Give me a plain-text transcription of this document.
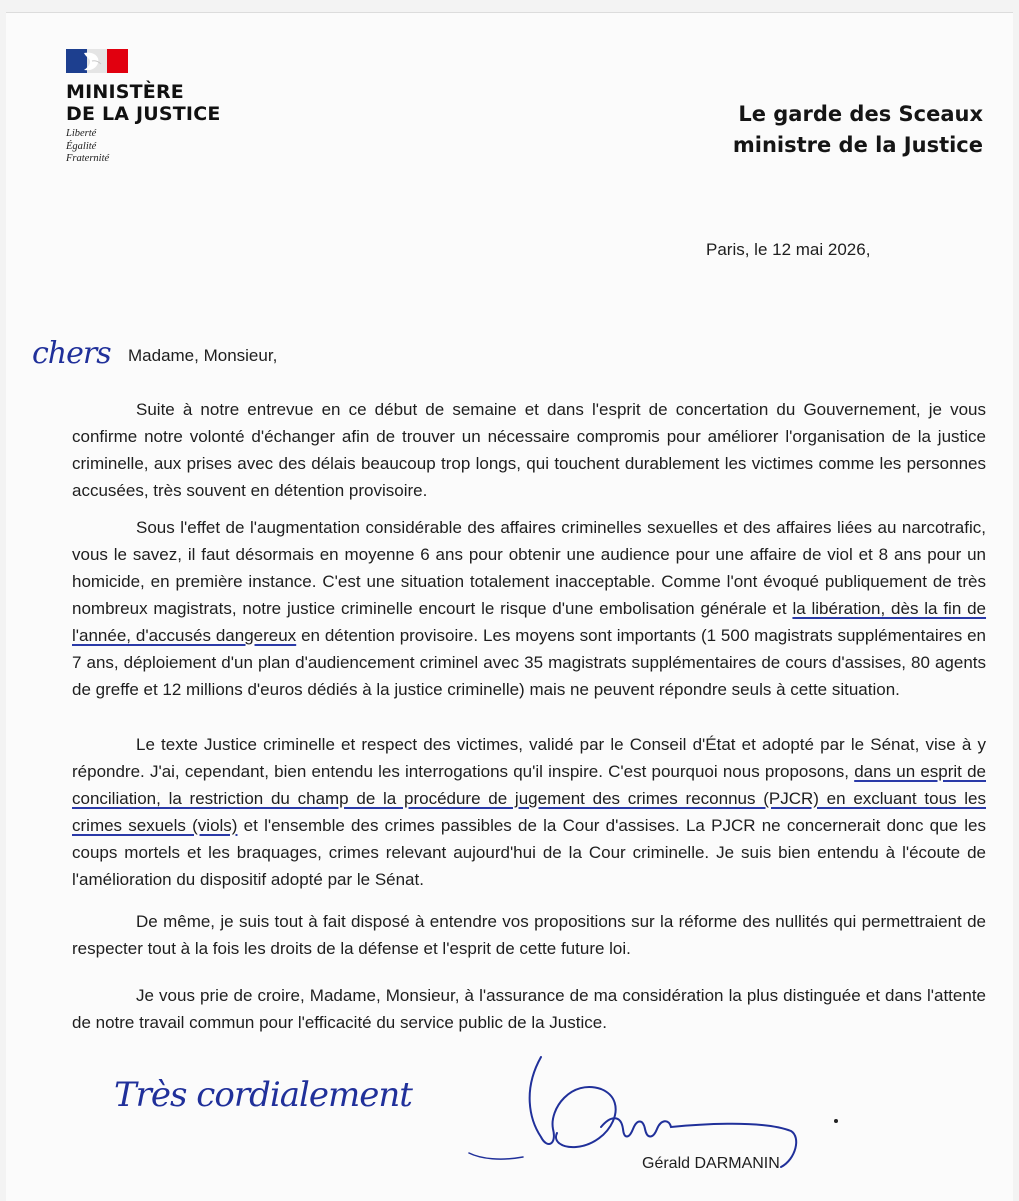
MINISTÈRE
DE LA JUSTICE
Liberté
Égalité
Fraternité
Le garde des Sceaux
ministre de la Justice
Paris, le 12 mai 2026,
chers Madame, Monsieur,

Suite à notre entrevue en ce début de semaine et dans l'esprit de concertation du Gouvernement, je vous confirme notre volonté d'échanger afin de trouver un nécessaire compromis pour améliorer l'organisation de la justice criminelle, aux prises avec des délais beaucoup trop longs, qui touchent durablement les victimes comme les personnes accusées, très souvent en détention provisoire.

Sous l'effet de l'augmentation considérable des affaires criminelles sexuelles et des affaires liées au narcotrafic, vous le savez, il faut désormais en moyenne 6 ans pour obtenir une audience pour une affaire de viol et 8 ans pour un homicide, en première instance. C'est une situation totalement inacceptable. Comme l'ont évoqué publiquement de très nombreux magistrats, notre justice criminelle encourt le risque d'une embolisation générale et la libération, dès la fin de l'année, d'accusés dangereux en détention provisoire. Les moyens sont importants (1 500 magistrats supplémentaires en 7 ans, déploiement d'un plan d'audiencement criminel avec 35 magistrats supplémentaires de cours d'assises, 80 agents de greffe et 12 millions d'euros dédiés à la justice criminelle) mais ne peuvent répondre seuls à cette situation.

Le texte Justice criminelle et respect des victimes, validé par le Conseil d'État et adopté par le Sénat, vise à y répondre. J'ai, cependant, bien entendu les interrogations qu'il inspire. C'est pourquoi nous proposons, dans un esprit de conciliation, la restriction du champ de la procédure de jugement des crimes reconnus (PJCR) en excluant tous les crimes sexuels (viols) et l'ensemble des crimes passibles de la Cour d'assises. La PJCR ne concernerait donc que les coups mortels et les braquages, crimes relevant aujourd'hui de la Cour criminelle. Je suis bien entendu à l'écoute de l'amélioration du dispositif adopté par le Sénat.

De même, je suis tout à fait disposé à entendre vos propositions sur la réforme des nullités qui permettraient de respecter tout à la fois les droits de la défense et l'esprit de cette future loi.

Je vous prie de croire, Madame, Monsieur, à l'assurance de ma considération la plus distinguée et dans l'attente de notre travail commun pour l'efficacité du service public de la Justice.

Très cordialement
Gérald DARMANIN
